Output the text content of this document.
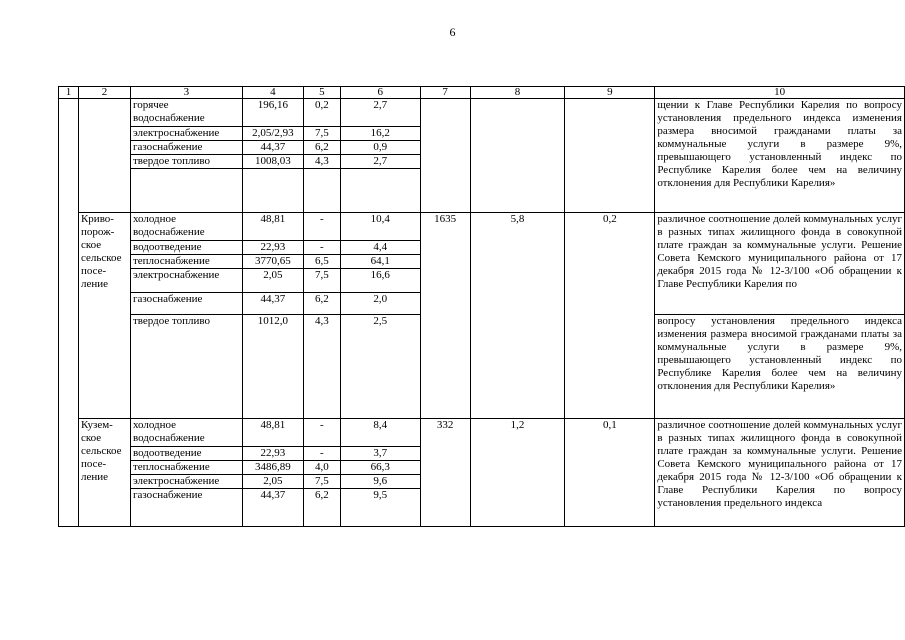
6
1	2	3	4	5	6	7	8	9	10
		горячее водоснабжение	196,16	0,2	2,7				щении к Главе Республики Карелия по вопросу установления предельного индекса изменения размера вносимой гражданами платы за коммунальные услуги в размере 9%, превышающего установленный индекс по Республике Карелия более чем на величину отклонения для Республики Карелия»
		электроснабжение	2,05/2,93	7,5	16,2				
		газоснабжение	44,37	6,2	0,9				
		твердое топливо	1008,03	4,3	2,7				

	Криво-порож-ское сельское посе-ление	холодное водоснабжение	48,81	-	10,4	1635	5,8	0,2	различное соотношение долей коммунальных услуг в разных типах жилищного фонда в совокупной плате граждан за коммунальные услуги. Решение Совета Кемского муниципального района от 17 декабря 2015 года № 12-3/100 «Об обращении к Главе Республики Карелия по
		водоотведение	22,93	-	4,4				
		теплоснабжение	3770,65	6,5	64,1				
		электроснабжение	2,05	7,5	16,6				
		газоснабжение	44,37	6,2	2,0				
		твердое топливо	1012,0	4,3	2,5				вопросу установления предельного индекса изменения размера вносимой гражданами платы за коммунальные услуги в размере 9%, превышающего установленный индекс по Республике Карелия более чем на величину отклонения для Республики Карелия»
	Кузем-ское сельское посе-ление	холодное водоснабжение	48,81	-	8,4	332	1,2	0,1	различное соотношение долей коммунальных услуг в разных типах жилищного фонда в совокупной плате граждан за коммунальные услуги. Решение Совета Кемского муниципального района от 17 декабря 2015 года № 12-3/100 «Об обращении к Главе Республики Карелия по вопросу установления предельного индекса
		водоотведение	22,93	-	3,7				
		теплоснабжение	3486,89	4,0	66,3				
		электроснабжение	2,05	7,5	9,6				
		газоснабжение	44,37	6,2	9,5				
